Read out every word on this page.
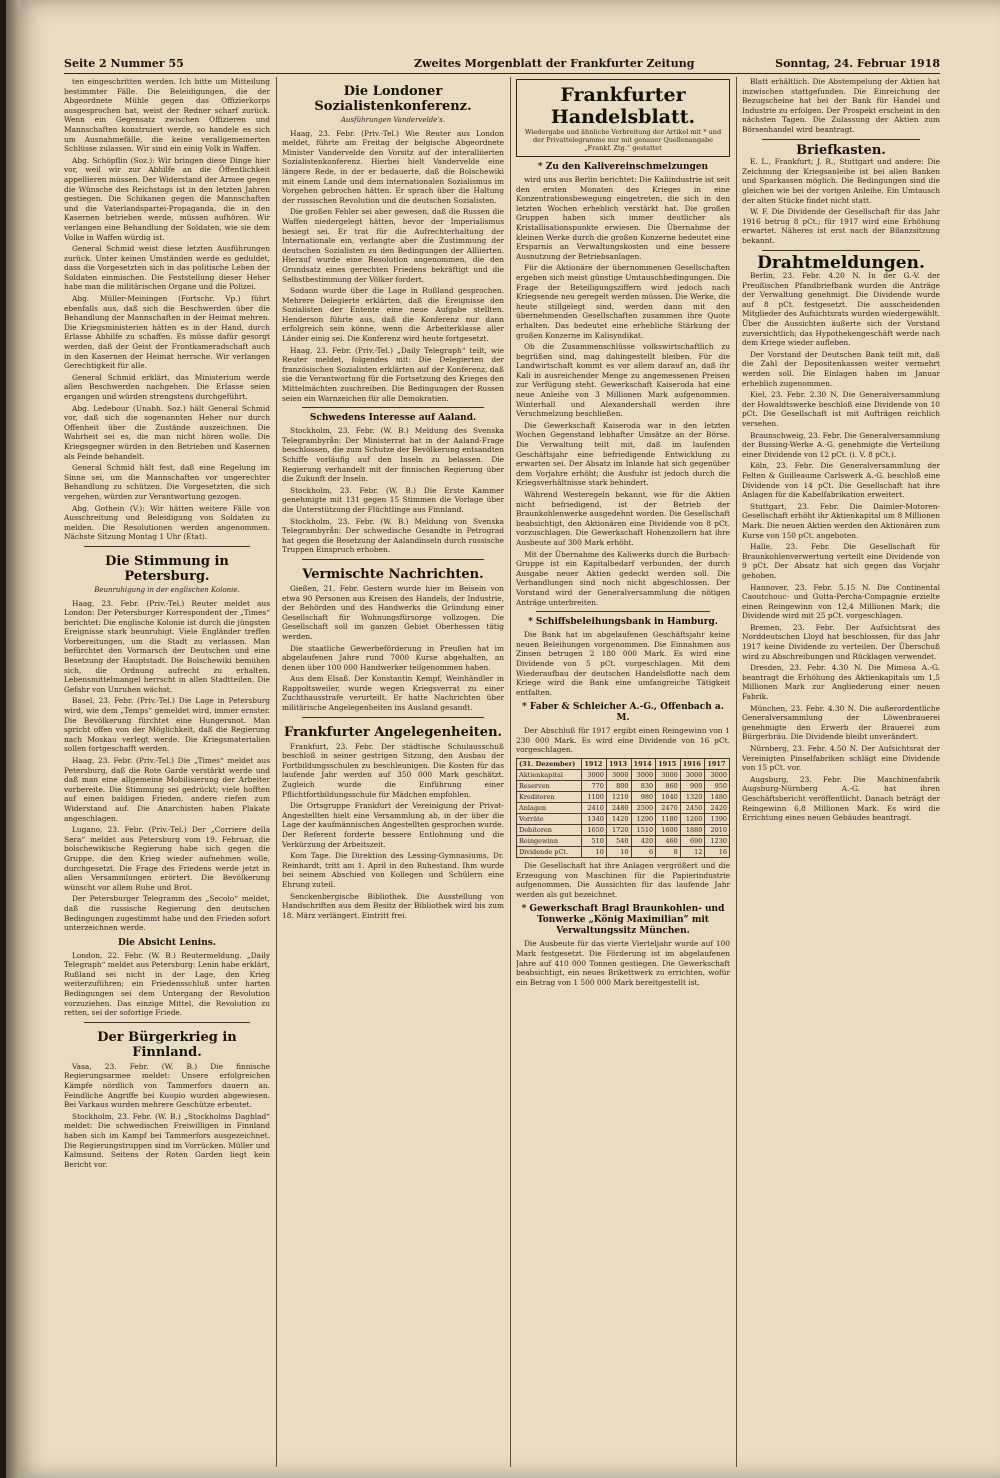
Seite 2 Nummer 55	Zweites Morgenblatt der Frankfurter Zeitung	Sonntag, 24. Februar 1918

ten eingeschritten werden. Ich bitte um Mitteilung bestimmter Fälle. Die Beleidigungen, die der Abgeordnete Mühle gegen das Offizierkorps ausgesprochen hat, weist der Redner scharf zurück. Wenn ein Gegensatz zwischen Offizieren und Mannschaften konstruiert werde, so handele es sich um Ausnahmefälle, die keine verallgemeinerten Schlüsse zulassen. Wir sind ein einig Volk in Waffen.

Abg. Schöpflin (Soz.): Wir bringen diese Dinge hier vor, weil wir zur Abhilfe an die Öffentlichkeit appellieren müssen. Der Widerstand der Armee gegen die Wünsche des Reichstags ist in den letzten Jahren gestiegen. Die Schikanen gegen die Mannschaften und die Vaterlandspartei-Propaganda, die in den Kasernen betrieben werde, müssen aufhören. Wir verlangen eine Behandlung der Soldaten, wie sie dem Volke in Waffen würdig ist.

General Schmid weist diese letzten Ausführungen zurück. Unter keinen Umständen werde es geduldet, dass die Vorgesetzten sich in das politische Leben der Soldaten einmischen. Die Feststellung dieser Heher habe man die militärischen Organe und die Polizei.

Abg. Müller-Meiningen (Fortschr. Vp.) führt ebenfalls aus, daß sich die Beschwerden über die Behandlung der Mannschaften in der Heimat mehren. Die Kriegsministerien hätten es in der Hand, durch Erlasse Abhilfe zu schaffen. Es müsse dafür gesorgt werden, daß der Geist der Frontkameradschaft auch in den Kasernen der Heimat herrsche. Wir verlangen Gerechtigkeit für alle.

General Schmid erklärt, das Ministerium werde allen Beschwerden nachgehen. Die Erlasse seien ergangen und würden strengstens durchgeführt.

Abg. Ledebour (Unabh. Soz.) hält General Schmid vor, daß sich die sogenannten Heher nur durch Offenheit über die Zustände auszeichnen. Die Wahrheit sei es, die man nicht hören wolle. Die Kriegsgegner würden in den Betrieben und Kasernen als Feinde behandelt.

General Schmid hält fest, daß eine Regelung im Sinne sei, um die Mannschaften vor ungerechter Behandlung zu schützen. Die Vorgesetzten, die sich vergehen, würden zur Verantwortung gezogen.

Abg. Gothein (V.): Wir hätten weitere Fälle von Ausschreitung und Beleidigung von Soldaten zu melden. Die Resolutionen werden angenommen. Nächste Sitzung Montag 1 Uhr (Etat).

Die Stimmung in Petersburg.
Beunruhigung in der englischen Kolonie.

Haag, 23. Febr. (Priv.-Tel.) Reuter meldet aus London: Der Petersburger Korrespondent der „Times“ berichtet: Die englische Kolonie ist durch die jüngsten Ereignisse stark beunruhigt. Viele Engländer treffen Vorbereitungen, um die Stadt zu verlassen. Man befürchtet den Vormarsch der Deutschen und eine Besetzung der Hauptstadt. Die Bolschewiki bemühen sich, die Ordnung aufrecht zu erhalten. Lebensmittelmangel herrscht in allen Stadtteilen. Die Gefahr von Unruhen wächst.

Basel, 23. Febr. (Priv.-Tel.) Die Lage in Petersburg wird, wie dem „Temps“ gemeldet wird, immer ernster. Die Bevölkerung fürchtet eine Hungersnot. Man spricht offen von der Möglichkeit, daß die Regierung nach Moskau verlegt werde. Die Kriegsmaterialien sollen fortgeschafft werden.

Haag, 23. Febr. (Priv.-Tel.) Die „Times“ meldet aus Petersburg, daß die Rote Garde verstärkt werde und daß man eine allgemeine Mobilisierung der Arbeiter vorbereite. Die Stimmung sei gedrückt; viele hofften auf einen baldigen Frieden, andere riefen zum Widerstand auf. Die Anarchisten haben Plakate angeschlagen.

Lugano, 23. Febr. (Priv.-Tel.) Der „Corriere della Sera“ meldet aus Petersburg vom 19. Februar, die bolschewikische Regierung habe sich gegen die Gruppe, die den Krieg wieder aufnehmen wolle, durchgesetzt. Die Frage des Friedens werde jetzt in allen Versammlungen erörtert. Die Bevölkerung wünscht vor allem Ruhe und Brot.

Der Petersburger Telegramm des „Secolo“ meldet, daß die russische Regierung den deutschen Bedingungen zugestimmt habe und den Frieden sofort unterzeichnen werde.

Die Absicht Lenins.

London, 22. Febr. (W. B.) Reutermeldung. „Daily Telegraph“ meldet aus Petersburg: Lenin habe erklärt, Rußland sei nicht in der Lage, den Krieg weiterzuführen; ein Friedensschluß unter harten Bedingungen sei dem Untergang der Revolution vorzuziehen. Das einzige Mittel, die Revolution zu retten, sei der sofortige Friede.

Der Bürgerkrieg in Finnland.

Vasa, 23. Febr. (W. B.) Die finnische Regierungsarmee meldet: Unsere erfolgreichen Kämpfe nördlich von Tammerfors dauern an. Feindliche Angriffe bei Kuopio wurden abgewiesen. Bei Varkaus wurden mehrere Geschütze erbeutet.

Stockholm, 23. Febr. (W. B.) „Stockholms Dagblad“ meldet: Die schwedischen Freiwilligen in Finnland haben sich im Kampf bei Tammerfors ausgezeichnet. Die Regierungstruppen sind im Vorrücken. Müller und Kalmsund. Seitens der Roten Garden liegt kein Bericht vor.

Die Londoner Sozialistenkonferenz.
Ausführungen Vandervelde's.

Haag, 23. Febr. (Priv.-Tel.) Wie Reuter aus London meldet, führte am Freitag der belgische Abgeordnete Minister Vandervelde den Vorsitz auf der interalliierten Sozialistenkonferenz. Hierbei hielt Vandervelde eine längere Rede, in der er bedauerte, daß die Bolschewiki mit einem Lande und dem internationalen Sozialismus im Vorgehen gebrochen hätten. Er sprach über die Haltung der russischen Revolution und die deutschen Sozialisten.

Die großen Fehler sei aber gewesen, daß die Russen die Waffen niedergelegt hätten, bevor der Imperialismus besiegt sei. Er trat für die Aufrechterhaltung der Internationale ein, verlangte aber die Zustimmung der deutschen Sozialisten zu den Bedingungen der Alliierten. Hierauf wurde eine Resolution angenommen, die den Grundsatz eines gerechten Friedens bekräftigt und die Selbstbestimmung der Völker fordert.

Sodann wurde über die Lage in Rußland gesprochen. Mehrere Delegierte erklärten, daß die Ereignisse den Sozialisten der Entente eine neue Aufgabe stellten. Henderson führte aus, daß die Konferenz nur dann erfolgreich sein könne, wenn die Arbeiterklasse aller Länder einig sei. Die Konferenz wird heute fortgesetzt.

Haag, 23. Febr. (Priv.-Tel.) „Daily Telegraph“ teilt, wie Reuter meldet, folgendes mit: Die Delegierten der französischen Sozialisten erklärten auf der Konferenz, daß sie die Verantwortung für die Fortsetzung des Krieges den Mittelmächten zuschreiben. Die Bedingungen der Russen seien ein Warnzeichen für alle Demokratien.

Schwedens Interesse auf Aaland.

Stockholm, 23. Febr. (W. B.) Meldung des Svenska Telegrambyrån: Der Ministerrat hat in der Aaland-Frage beschlossen, die zum Schutze der Bevölkerung entsandten Schiffe vorläufig auf den Inseln zu belassen. Die Regierung verhandelt mit der finnischen Regierung über die Zukunft der Inseln.

Stockholm, 23. Febr. (W. B.) Die Erste Kammer genehmigte mit 131 gegen 15 Stimmen die Vorlage über die Unterstützung der Flüchtlinge aus Finnland.

Stockholm, 23. Febr. (W. B.) Meldung von Svenska Telegrambyrån: Der schwedische Gesandte in Petrograd hat gegen die Besetzung der Aalandinseln durch russische Truppen Einspruch erhoben.

Vermischte Nachrichten.

Gießen, 21. Febr. Gestern wurde hier im Beisein von etwa 90 Personen aus Kreisen des Handels, der Industrie, der Behörden und des Handwerks die Gründung einer Gesellschaft für Wohnungsfürsorge vollzogen. Die Gesellschaft soll im ganzen Gebiet Oberhessen tätig werden.

Die staatliche Gewerbeförderung in Preußen hat im abgelaufenen Jahre rund 7000 Kurse abgehalten, an denen über 100 000 Handwerker teilgenommen haben.

Aus dem Elsaß. Der Konstantin Kempf, Weinhändler in Rappoltsweiler, wurde wegen Kriegsverrat zu einer Zuchthausstrafe verurteilt. Er hatte Nachrichten über militärische Angelegenheiten ins Ausland gesandt.

Frankfurter Angelegenheiten.

Frankfurt, 23. Febr. Der städtische Schulausschuß beschloß in seiner gestrigen Sitzung, den Ausbau der Fortbildungsschulen zu beschleunigen. Die Kosten für das laufende Jahr werden auf 350 000 Mark geschätzt. Zugleich wurde die Einführung einer Pflichtfortbildungsschule für Mädchen empfohlen.

Die Ortsgruppe Frankfurt der Vereinigung der Privat-Angestellten hielt eine Versammlung ab, in der über die Lage der kaufmännischen Angestellten gesprochen wurde. Der Referent forderte bessere Entlohnung und die Verkürzung der Arbeitszeit.

Kom Tage. Die Direktion des Lessing-Gymnasiums, Dr. Reinhardt, tritt am 1. April in den Ruhestand. Ihm wurde bei seinem Abschied von Kollegen und Schülern eine Ehrung zuteil.

Senckenbergische Bibliothek. Die Ausstellung von Handschriften aus dem Besitz der Bibliothek wird bis zum 18. März verlängert. Eintritt frei.

Frankfurter Handelsblatt.
Wiedergabe und ähnliche Verbreitung der Artikel mit * und der Privattelegramme nur mit genauer Quellenangabe „Frankf. Ztg.“ gestattet
* Zu den Kalivereinschmelzungen

wird uns aus Berlin berichtet: Die Kaliindustrie ist seit den ersten Monaten des Krieges in eine Konzentrationsbewegung eingetreten, die sich in den letzten Wochen erheblich verstärkt hat. Die großen Gruppen haben sich immer deutlicher als Kristallisationspunkte erwiesen. Die Übernahme der kleinen Werke durch die großen Konzerne bedeutet eine Ersparnis an Verwaltungskosten und eine bessere Ausnutzung der Betriebsanlagen.

Für die Aktionäre der übernommenen Gesellschaften ergeben sich meist günstige Umtauschbedingungen. Die Frage der Beteiligungsziffern wird jedoch nach Kriegsende neu geregelt werden müssen. Die Werke, die heute stillgelegt sind, werden dann mit den übernehmenden Gesellschaften zusammen ihre Quote erhalten. Das bedeutet eine erhebliche Stärkung der großen Konzerne im Kalisyndikat.

Ob die Zusammenschlüsse volkswirtschaftlich zu begrüßen sind, mag dahingestellt bleiben. Für die Landwirtschaft kommt es vor allem darauf an, daß ihr Kali in ausreichender Menge zu angemessenen Preisen zur Verfügung steht. Gewerkschaft Kaiseroda hat eine neue Anleihe von 3 Millionen Mark aufgenommen. Winterhall und Alexandershall werden ihre Verschmelzung beschließen.

Die Gewerkschaft Kaiseroda war in den letzten Wochen Gegenstand lebhafter Umsätze an der Börse. Die Verwaltung teilt mit, daß im laufenden Geschäftsjahr eine befriedigende Entwicklung zu erwarten sei. Der Absatz im Inlande hat sich gegenüber dem Vorjahre erhöht; die Ausfuhr ist jedoch durch die Kriegsverhältnisse stark behindert.

Während Westeregeln bekannt, wie für die Aktien nicht befriedigend, ist der Betrieb der Braunkohlenwerke ausgedehnt worden. Die Gesellschaft beabsichtigt, den Aktionären eine Dividende von 8 pCt. vorzuschlagen. Die Gewerkschaft Hohenzollern hat ihre Ausbeute auf 300 Mark erhöht.

Mit der Übernahme des Kaliwerks durch die Burbach-Gruppe ist ein Kapitalbedarf verbunden, der durch Ausgabe neuer Aktien gedeckt werden soll. Die Verhandlungen sind noch nicht abgeschlossen. Der Vorstand wird der Generalversammlung die nötigen Anträge unterbreiten.

* Schiffsbeleihungsbank in Hamburg.

Die Bank hat im abgelaufenen Geschäftsjahr keine neuen Beleihungen vorgenommen. Die Einnahmen aus Zinsen betrugen 2 180 000 Mark. Es wird eine Dividende von 5 pCt. vorgeschlagen. Mit dem Wiederaufbau der deutschen Handelsflotte nach dem Kriege wird die Bank eine umfangreiche Tätigkeit entfalten.

* Faber & Schleicher A.-G., Offenbach a. M.

Der Abschluß für 1917 ergibt einen Reingewinn von 1 230 000 Mark. Es wird eine Dividende von 16 pCt. vorgeschlagen.

(31. Dezember)	1912	1913	1914	1915	1916	1917
Aktienkapital	3000	3000	3000	3000	3000	3000
Reserven	770	800	830	860	900	950
Kreditoren	1100	1210	980	1040	1320	1480
Anlagen	2410	2480	2500	2470	2450	2420
Vorräte	1340	1420	1290	1180	1260	1390
Debitoren	1650	1720	1510	1600	1880	2010
Reingewinn	510	540	420	460	690	1230
Dividende pCt.	10	10	6	8	12	16

Die Gesellschaft hat ihre Anlagen vergrößert und die Erzeugung von Maschinen für die Papierindustrie aufgenommen. Die Aussichten für das laufende Jahr werden als gut bezeichnet.

* Gewerkschaft Bragl Braunkohlen- und Tonwerke „König Maximilian“ mit Verwaltungssitz München.

Die Ausbeute für das vierte Vierteljahr wurde auf 100 Mark festgesetzt. Die Förderung ist im abgelaufenen Jahre auf 410 000 Tonnen gestiegen. Die Gewerkschaft beabsichtigt, ein neues Brikettwerk zu errichten, wofür ein Betrag von 1 500 000 Mark bereitgestellt ist.

Blatt erhältlich. Die Abstempelung der Aktien hat inzwischen stattgefunden. Die Einreichung der Bezugscheine hat bei der Bank für Handel und Industrie zu erfolgen. Der Prospekt erscheint in den nächsten Tagen. Die Zulassung der Aktien zum Börsenhandel wird beantragt.

Briefkasten.

E. L., Frankfurt; J. R., Stuttgart und andere: Die Zeichnung der Kriegsanleihe ist bei allen Banken und Sparkassen möglich. Die Bedingungen sind die gleichen wie bei der vorigen Anleihe. Ein Umtausch der alten Stücke findet nicht statt.

W. F. Die Dividende der Gesellschaft für das Jahr 1916 betrug 8 pCt.; für 1917 wird eine Erhöhung erwartet. Näheres ist erst nach der Bilanzsitzung bekannt.

Drahtmeldungen.

Berlin, 23. Febr. 4.20 N. In der G.-V. der Preußischen Pfandbriefbank wurden die Anträge der Verwaltung genehmigt. Die Dividende wurde auf 8 pCt. festgesetzt. Die ausscheidenden Mitglieder des Aufsichtsrats wurden wiedergewählt. Über die Aussichten äußerte sich der Vorstand zuversichtlich; das Hypothekengeschäft werde nach dem Kriege wieder aufleben.

Der Vorstand der Deutschen Bank teilt mit, daß die Zahl der Depositenkassen weiter vermehrt werden soll. Die Einlagen haben im Januar erheblich zugenommen.

Kiel, 23. Febr. 2.30 N. Die Generalversammlung der Howaldtswerke beschloß eine Dividende von 10 pCt. Die Gesellschaft ist mit Aufträgen reichlich versehen.

Braunschweig, 23. Febr. Die Generalversammlung der Bussing-Werke A.-G. genehmigte die Verteilung einer Dividende von 12 pCt. (i. V. 8 pCt.).

Köln, 23. Febr. Die Generalversammlung der Felten & Guilleaume Carlswerk A.-G. beschloß eine Dividende von 14 pCt. Die Gesellschaft hat ihre Anlagen für die Kabelfabrikation erweitert.

Stuttgart, 23. Febr. Die Daimler-Motoren-Gesellschaft erhöht ihr Aktienkapital um 8 Millionen Mark. Die neuen Aktien werden den Aktionären zum Kurse von 150 pCt. angeboten.

Halle, 23. Febr. Die Gesellschaft für Braunkohlenverwertung verteilt eine Dividende von 9 pCt. Der Absatz hat sich gegen das Vorjahr gehoben.

Hannover, 23. Febr. 5.15 N. Die Continental Caoutchouc- und Gutta-Percha-Compagnie erzielte einen Reingewinn von 12,4 Millionen Mark; die Dividende wird mit 25 pCt. vorgeschlagen.

Bremen, 23. Febr. Der Aufsichtsrat des Norddeutschen Lloyd hat beschlossen, für das Jahr 1917 keine Dividende zu verteilen. Der Überschuß wird zu Abschreibungen und Rücklagen verwendet.

Dresden, 23. Febr. 4.30 N. Die Mimosa A.-G. beantragt die Erhöhung des Aktienkapitals um 1,5 Millionen Mark zur Angliederung einer neuen Fabrik.

München, 23. Febr. 4.30 N. Die außerordentliche Generalversammlung der Löwenbrauerei genehmigte den Erwerb der Brauerei zum Bürgerbräu. Die Dividende bleibt unverändert.

Nürnberg, 23. Febr. 4.50 N. Der Aufsichtsrat der Vereinigten Pinselfabriken schlägt eine Dividende von 15 pCt. vor.

Augsburg, 23. Febr. Die Maschinenfabrik Augsburg-Nürnberg A.-G. hat ihren Geschäftsbericht veröffentlicht. Danach beträgt der Reingewinn 6,8 Millionen Mark. Es wird die Errichtung eines neuen Gebäudes beantragt.
